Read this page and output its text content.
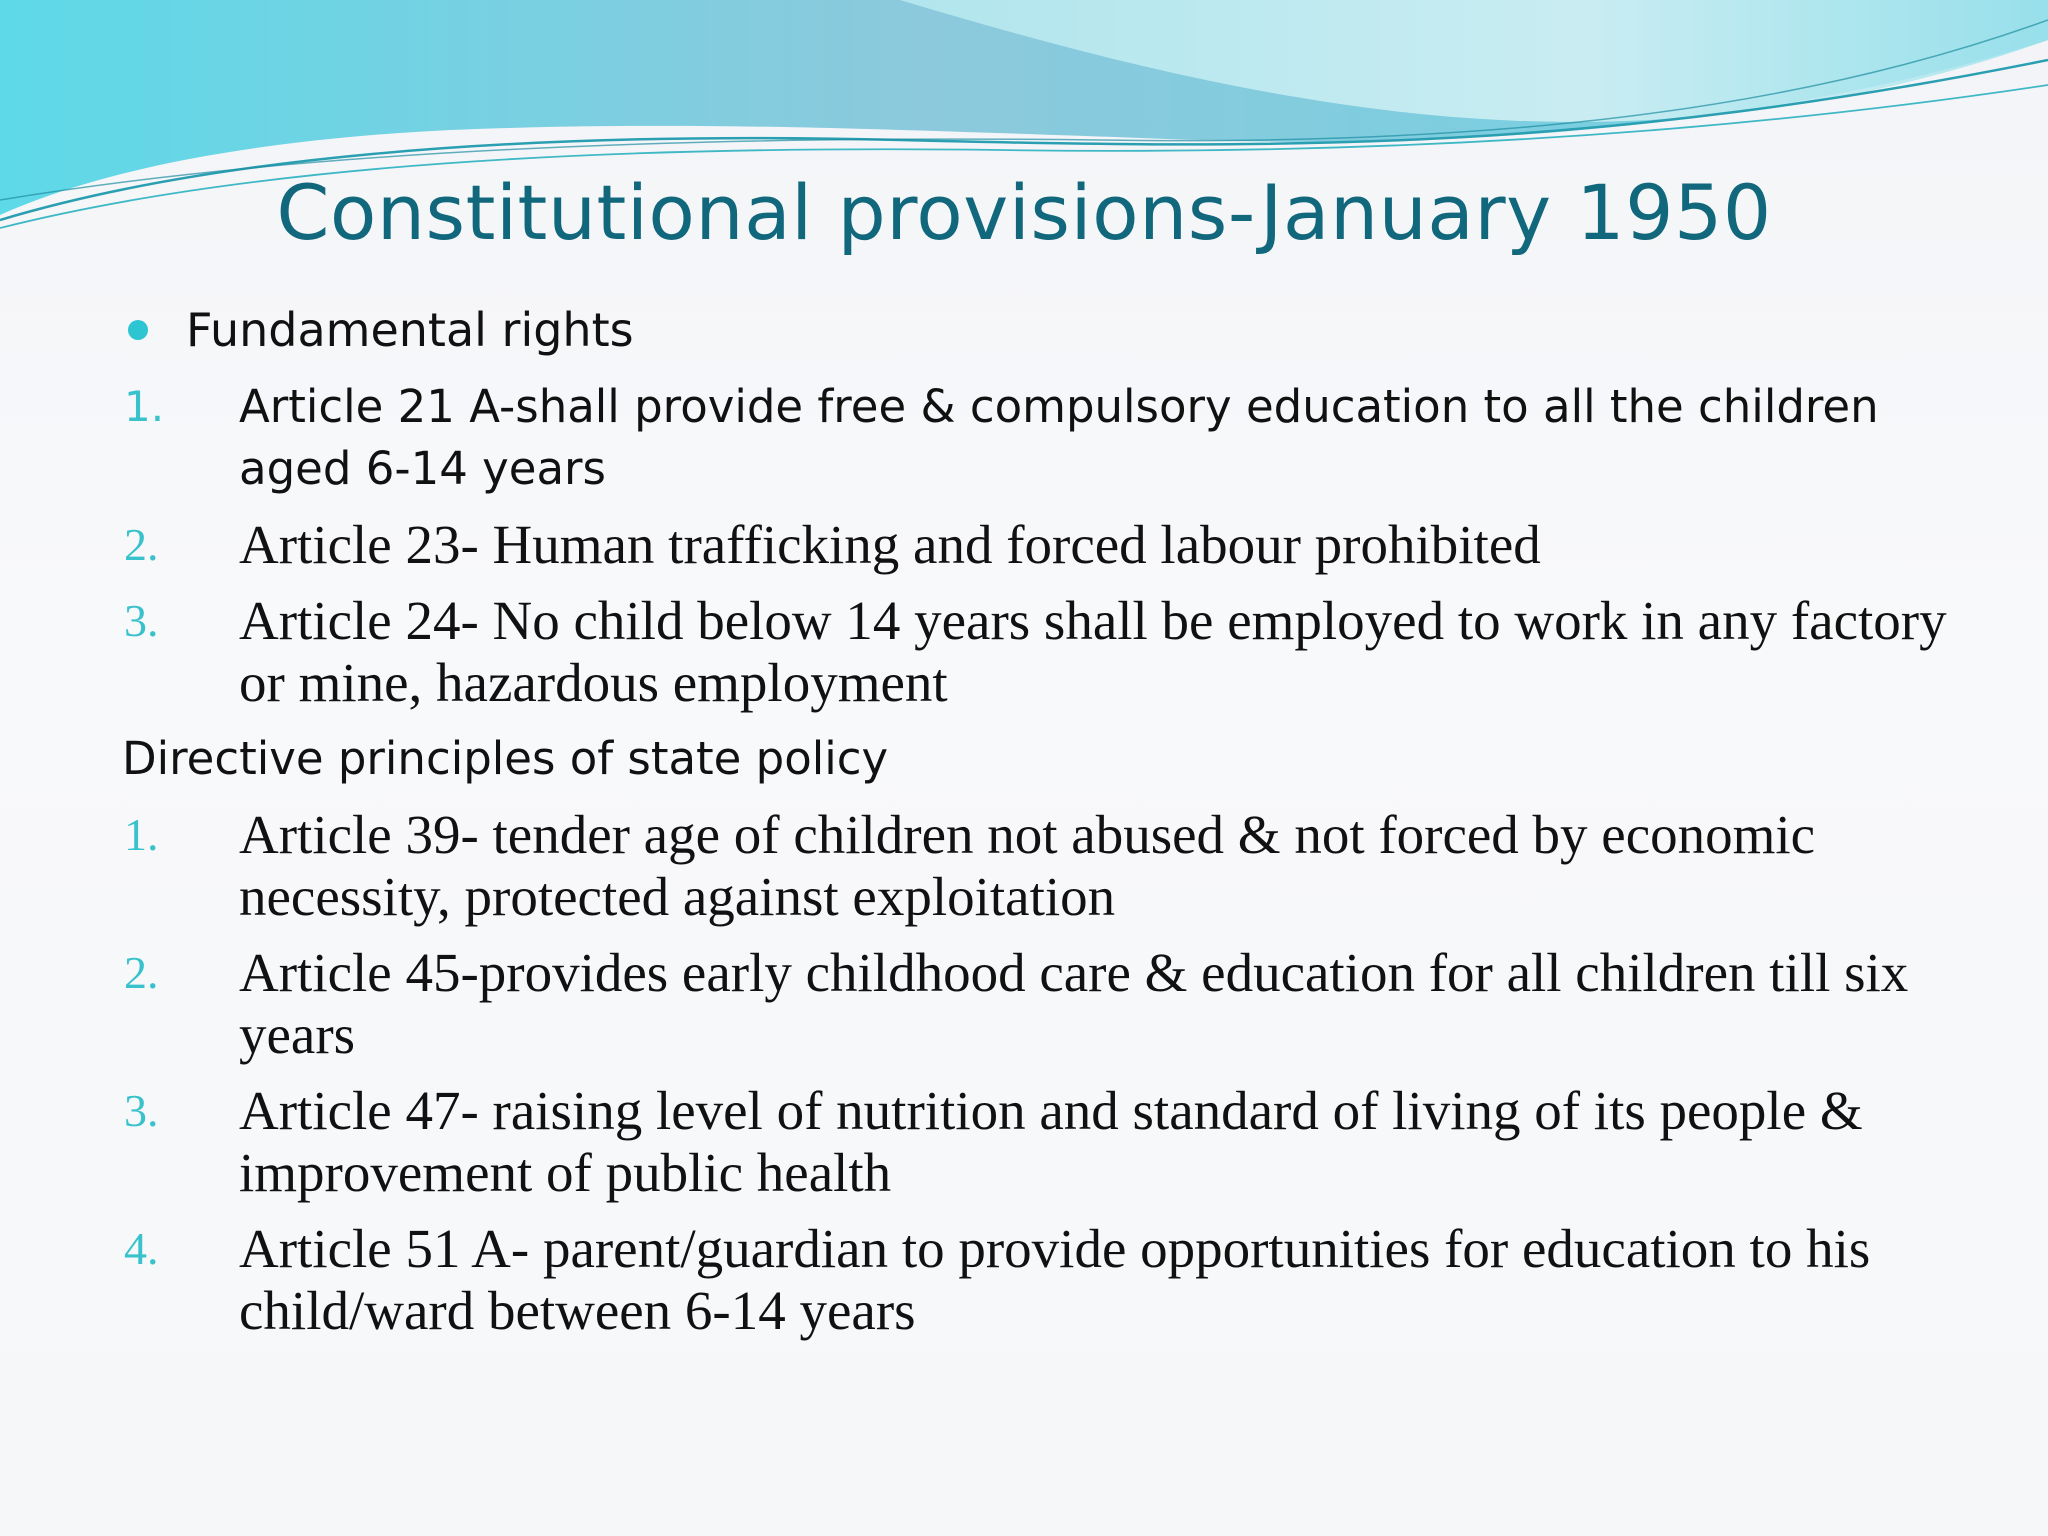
Constitutional provisions-January 1950
Fundamental rights
1.	Article 21 A-shall provide free & compulsory education to all the children aged 6-14 years
2.	Article 23- Human trafficking and forced labour prohibited
3.	Article 24- No child below 14 years shall be employed to work in any factory or mine, hazardous employment
Directive principles of state policy
1.	Article 39- tender age of children not abused & not forced by economic necessity, protected against exploitation
2.	Article 45-provides early childhood care & education for all children till six years
3.	Article 47- raising level of nutrition and standard of living of its people & improvement of public health
4.	Article 51 A- parent/guardian to provide opportunities for education to his child/ward between 6-14 years
